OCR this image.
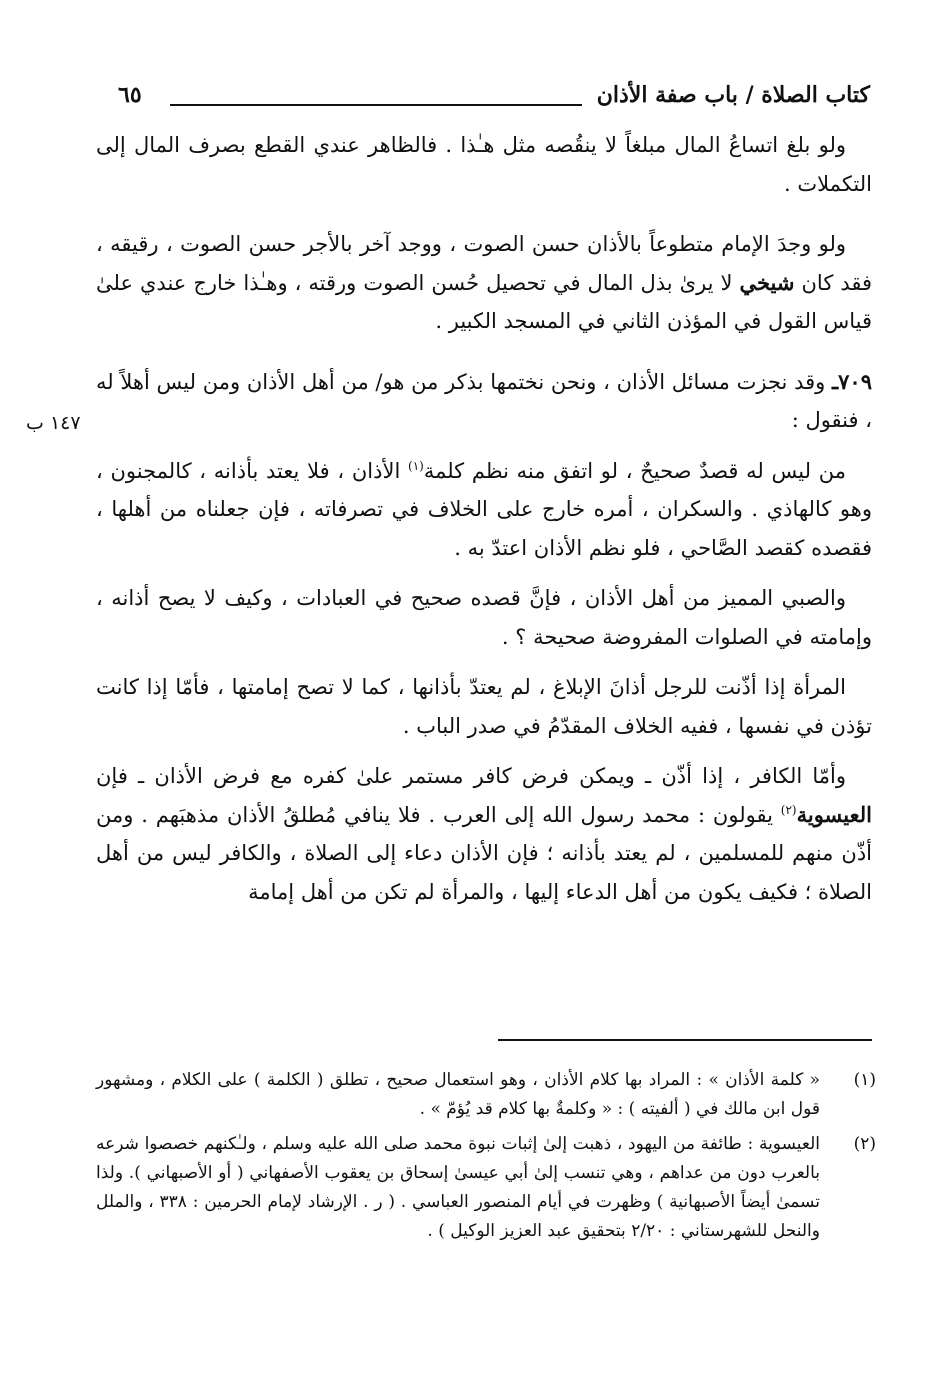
كتاب الصلاة / باب صفة الأذان
٦٥
١٤٧ ب

ولو بلغ اتساعُ المال مبلغاً لا ينقُصه مثل هـٰذا . فالظاهر عندي القطع بصرف المال إلى التكملات .

ولو وجدَ الإمام متطوعاً بالأذان حسن الصوت ، ووجد آخر بالأجر حسن الصوت ، رقيقه ، فقد كان شيخي لا يرىٰ بذل المال في تحصيل حُسن الصوت ورقته ، وهـٰذا خارج عندي علىٰ قياس القول في المؤذن الثاني في المسجد الكبير .

٧٠٩ـ وقد نجزت مسائل الأذان ، ونحن نختمها بذكر من هو/ من أهل الأذان ومن ليس أهلاً له ، فنقول :

من ليس له قصدٌ صحيحٌ ، لو اتفق منه نظم كلمة$^{(١)}$ الأذان ، فلا يعتد بأذانه ، كالمجنون ، وهو كالهاذي . والسكران ، أمره خارج على الخلاف في تصرفاته ، فإن جعلناه من أهلها ، فقصده كقصد الصَّاحي ، فلو نظم الأذان اعتدّ به .

والصبي المميز من أهل الأذان ، فإنَّ قصده صحيح في العبادات ، وكيف لا يصح أذانه ، وإمامته في الصلوات المفروضة صحيحة ؟ .

المرأة إذا أذّنت للرجل أذانَ الإبلاغ ، لم يعتدّ بأذانها ، كما لا تصح إمامتها ، فأمّا إذا كانت تؤذن في نفسها ، ففيه الخلاف المقدّمُ في صدر الباب .

وأمّا الكافر ، إذا أذّن ـ ويمكن فرض كافر مستمر علىٰ كفره مع فرض الأذان ـ فإن العيسوية$^{(٢)}$ يقولون : محمد رسول الله إلى العرب . فلا ينافي مُطلقُ الأذان مذهبَهم . ومن أذّن منهم للمسلمين ، لم يعتد بأذانه ؛ فإن الأذان دعاء إلى الصلاة ، والكافر ليس من أهل الصلاة ؛ فكيف يكون من أهل الدعاء إليها ، والمرأة لم تكن من أهل إمامة

(١)
« كلمة الأذان » : المراد بها كلام الأذان ، وهو استعمال صحيح ، تطلق ( الكلمة ) على الكلام ، ومشهور قول ابن مالك في ( ألفيته ) : « وكلمةٌ بها كلام قد يُؤمّ » .
(٢)
العيسوية : طائفة من اليهود ، ذهبت إلىٰ إثبات نبوة محمد صلى الله عليه وسلم ، ولـٰكنهم خصصوا شرعه بالعرب دون من عداهم ، وهي تنسب إلىٰ أبي عيسىٰ إسحاق بن يعقوب الأصفهاني ( أو الأصبهاني ). ولذا تسمىٰ أيضاً الأصبهانية ) وظهرت في أيام المنصور العباسي . ( ر . الإرشاد لإمام الحرمين : ٣٣٨ ، والملل والنحل للشهرستاني : ٢/٢٠ بتحقيق عبد العزيز الوكيل ) .
